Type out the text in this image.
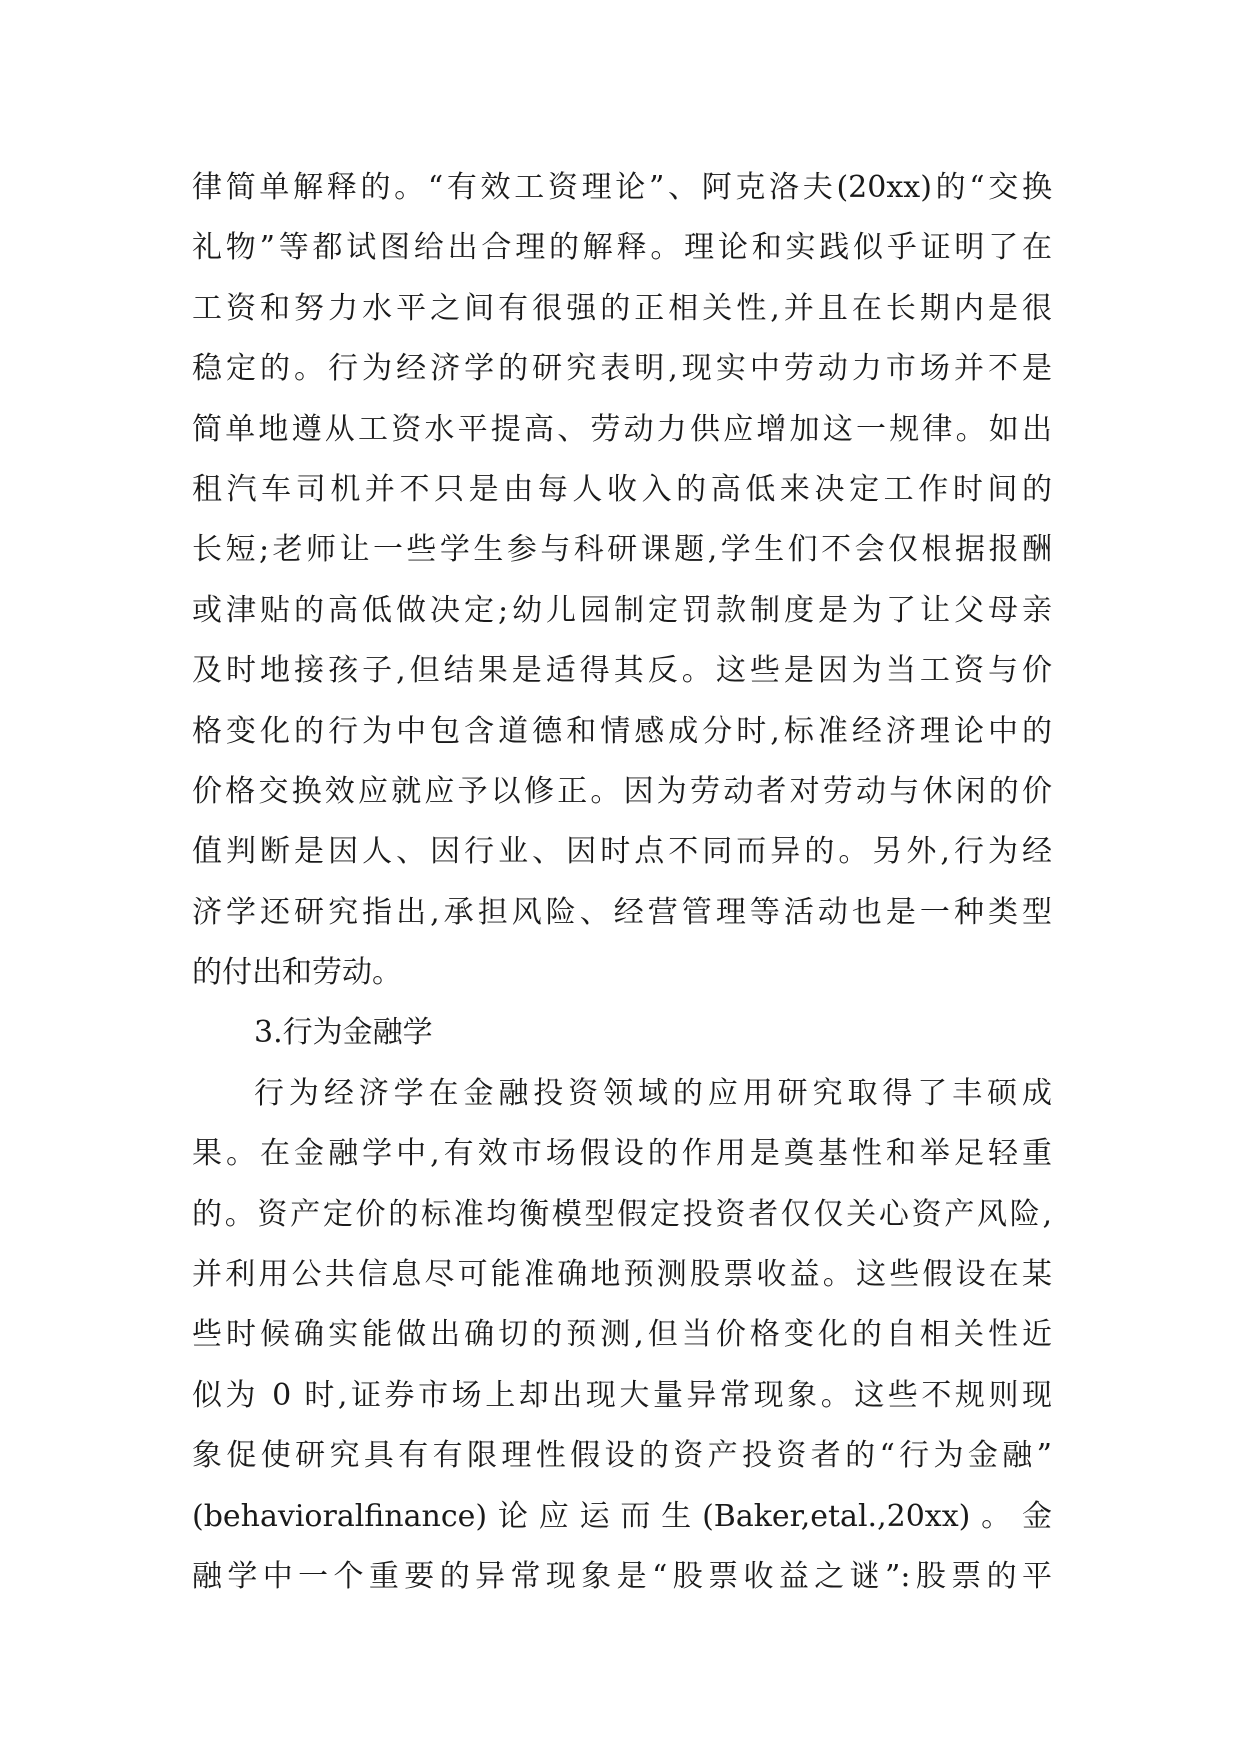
律简单解释的。“有效工资理论”、阿克洛夫(20xx)的“交换
礼物”等都试图给出合理的解释。理论和实践似乎证明了在
工资和努力水平之间有很强的正相关性,并且在长期内是很
稳定的。行为经济学的研究表明,现实中劳动力市场并不是
简单地遵从工资水平提高、劳动力供应增加这一规律。如出
租汽车司机并不只是由每人收入的高低来决定工作时间的
长短;老师让一些学生参与科研课题,学生们不会仅根据报酬
或津贴的高低做决定;幼儿园制定罚款制度是为了让父母亲
及时地接孩子,但结果是适得其反。这些是因为当工资与价
格变化的行为中包含道德和情感成分时,标准经济理论中的
价格交换效应就应予以修正。因为劳动者对劳动与休闲的价
值判断是因人、因行业、因时点不同而异的。另外,行为经
济学还研究指出,承担风险、经营管理等活动也是一种类型
的付出和劳动。
3.行为金融学
行为经济学在金融投资领域的应用研究取得了丰硕成
果。在金融学中,有效市场假设的作用是奠基性和举足轻重
的。资产定价的标准均衡模型假定投资者仅仅关心资产风险,
并利用公共信息尽可能准确地预测股票收益。这些假设在某
些时候确实能做出确切的预测,但当价格变化的自相关性近
似为 0 时,证券市场上却出现大量异常现象。这些不规则现
象促使研究具有有限理性假设的资产投资者的“行为金融”
(behavioralfinance)论应运而生(Baker,etal.,20xx)。金
融学中一个重要的异常现象是“股票收益之谜”:股票的平
